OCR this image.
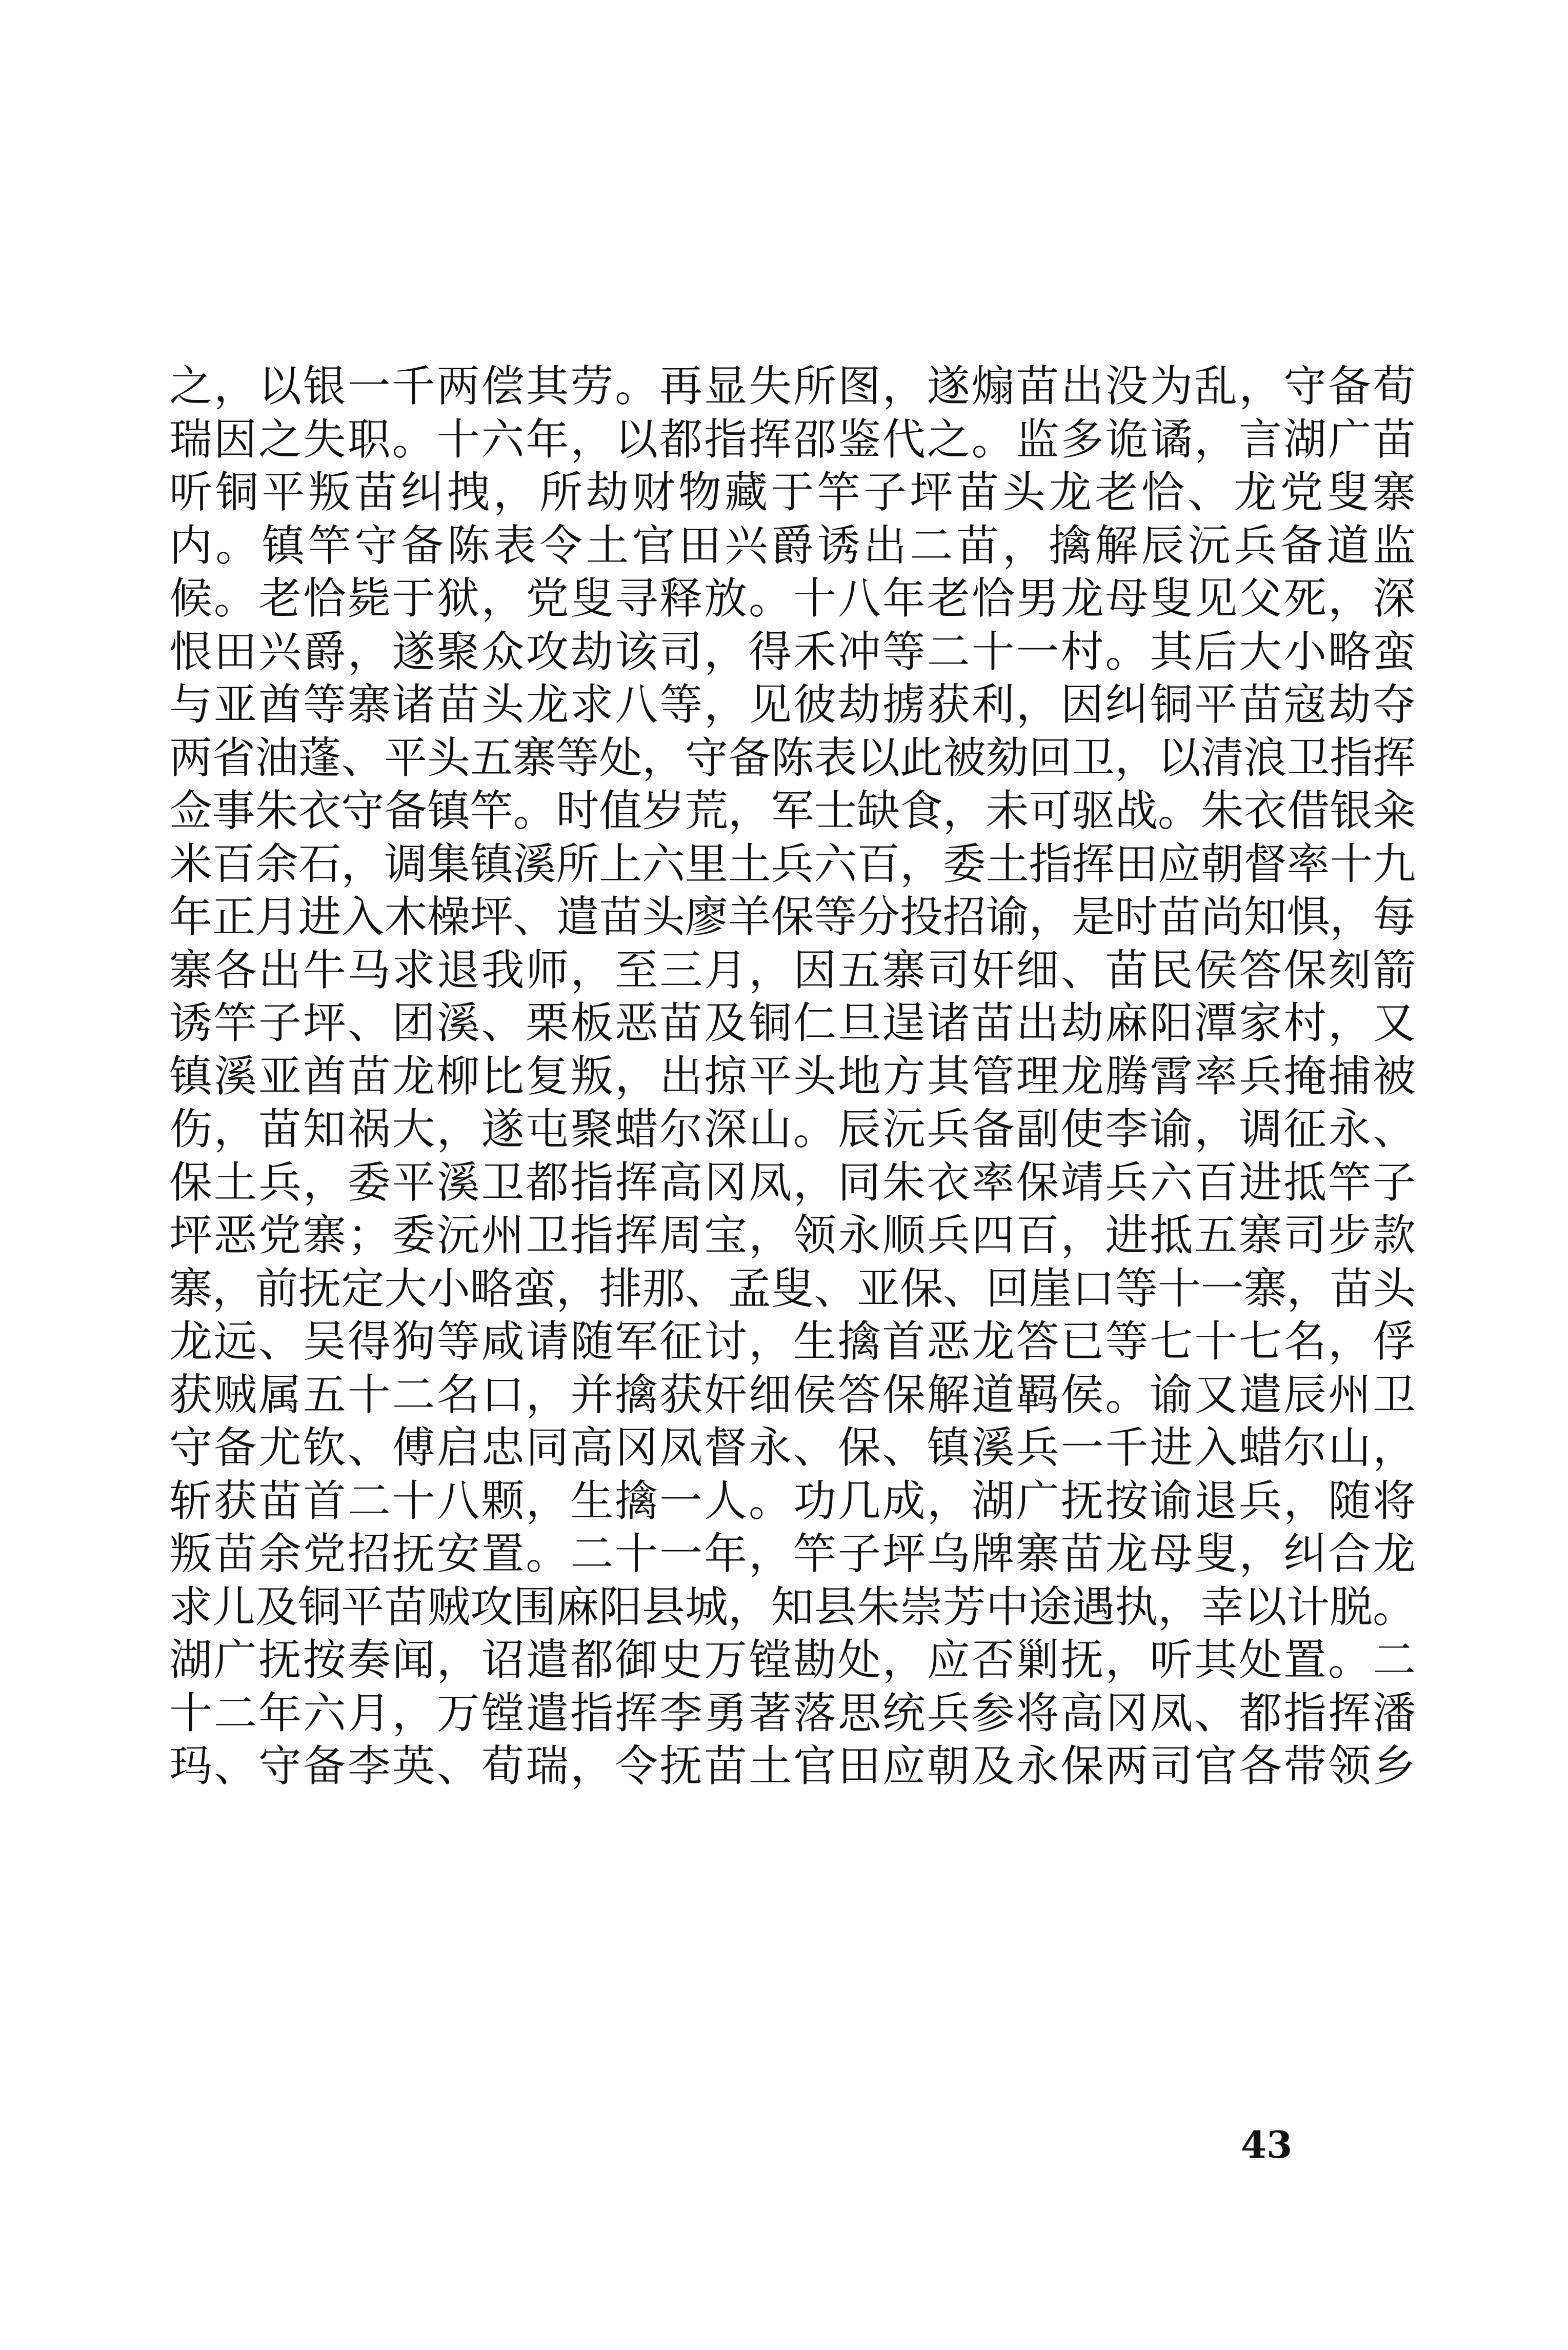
之，以银一千两偿其劳。再显失所图，遂煽苗出没为乱，守备荀
瑞因之失职。十六年，以都指挥邵鉴代之。监多诡谲，言湖广苗
听铜平叛苗纠拽，所劫财物藏于竿子坪苗头龙老恰、龙党叟寨
内。镇竿守备陈表令土官田兴爵诱出二苗，擒解辰沅兵备道监
候。老恰毙于狱，党叟寻释放。十八年老恰男龙母叟见父死，深
恨田兴爵，遂聚众攻劫该司，得禾冲等二十一村。其后大小略蛮
与亚酋等寨诸苗头龙求八等，见彼劫掳获利，因纠铜平苗寇劫夺
两省油蓬、平头五寨等处，守备陈表以此被劾回卫，以清浪卫指挥
佥事朱衣守备镇竿。时值岁荒，军士缺食，未可驱战。朱衣借银籴
米百余石，调集镇溪所上六里土兵六百，委土指挥田应朝督率十九
年正月进入木橾坪、遣苗头廖羊保等分投招谕，是时苗尚知惧，每
寨各出牛马求退我师，至三月，因五寨司奸细、苗民侯答保刻箭
诱竿子坪、团溪、栗板恶苗及铜仁旦逞诸苗出劫麻阳潭家村，又
镇溪亚酋苗龙柳比复叛，出掠平头地方其管理龙腾霄率兵掩捕被
伤，苗知祸大，遂屯聚蜡尔深山。辰沅兵备副使李谕，调征永、
保土兵，委平溪卫都指挥高冈凤，同朱衣率保靖兵六百进抵竿子
坪恶党寨；委沅州卫指挥周宝，领永顺兵四百，进抵五寨司步款
寨，前抚定大小略蛮，排那、孟叟、亚保、回崖口等十一寨，苗头
龙远、吴得狗等咸请随军征讨，生擒首恶龙答已等七十七名，俘
获贼属五十二名口，并擒获奸细侯答保解道羁侯。谕又遣辰州卫
守备尤钦、傅启忠同高冈凤督永、保、镇溪兵一千进入蜡尔山，
斩获苗首二十八颗，生擒一人。功几成，湖广抚按谕退兵，随将
叛苗余党招抚安置。二十一年，竿子坪乌牌寨苗龙母叟，纠合龙
求儿及铜平苗贼攻围麻阳县城，知县朱崇芳中途遇执，幸以计脱。
湖广抚按奏闻，诏遣都御史万镗勘处，应否剿抚，听其处置。二
十二年六月，万镗遣指挥李勇著落思统兵参将高冈凤、都指挥潘
玛、守备李英、荀瑞，令抚苗土官田应朝及永保两司官各带领乡
43
